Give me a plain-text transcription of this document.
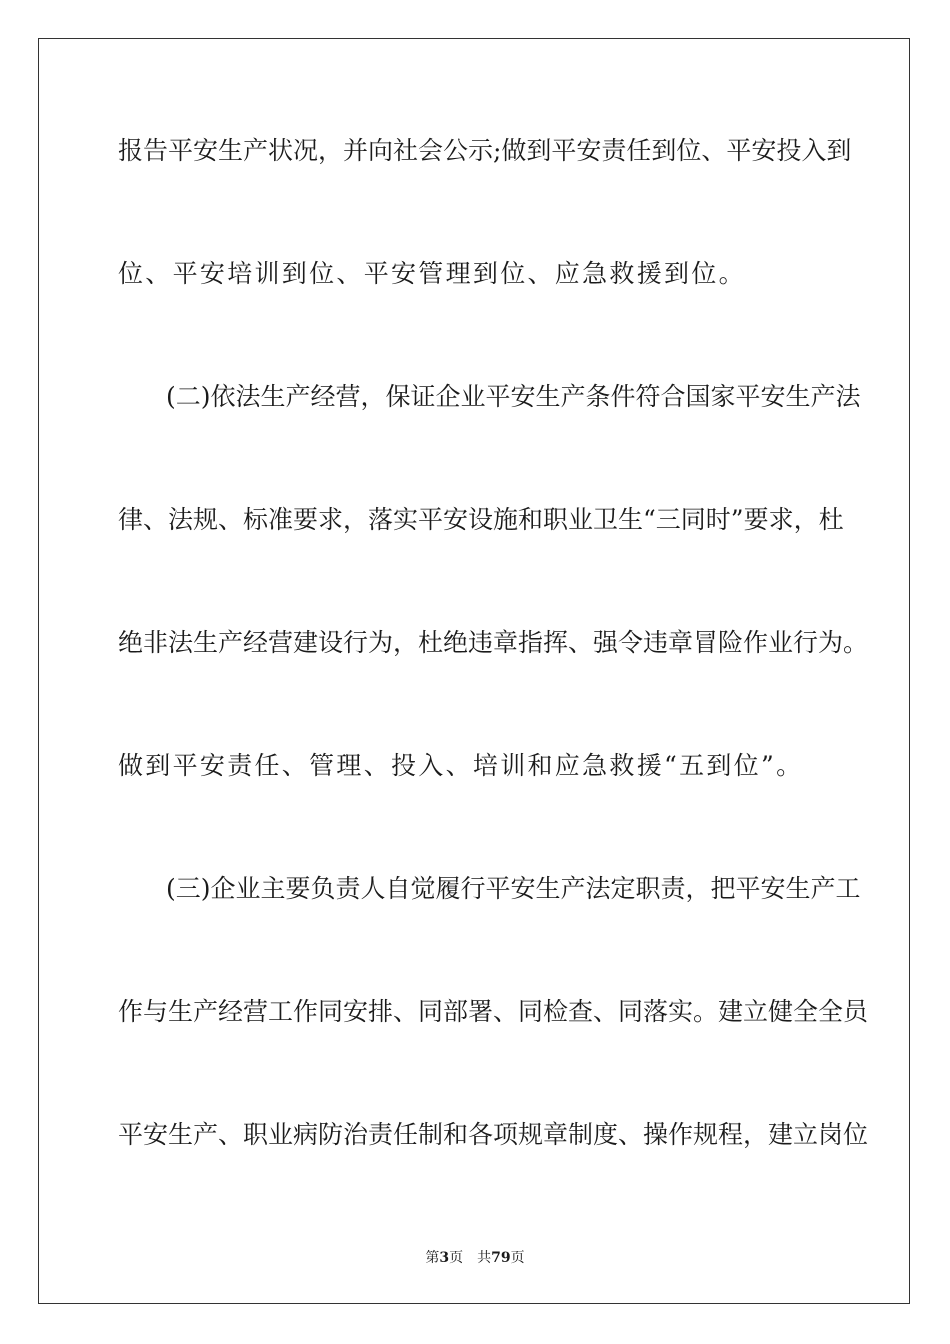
报告平安生产状况，并向社会公示;做到平安责任到位、平安投入到
位、平安培训到位、平安管理到位、应急救援到位。
(二)依法生产经营，保证企业平安生产条件符合国家平安生产法
律、法规、标准要求，落实平安设施和职业卫生“三同时”要求，杜
绝非法生产经营建设行为，杜绝违章指挥、强令违章冒险作业行为。
做到平安责任、管理、投入、培训和应急救援“五到位”。
(三)企业主要负责人自觉履行平安生产法定职责，把平安生产工
作与生产经营工作同安排、同部署、同检查、同落实。建立健全全员
平安生产、职业病防治责任制和各项规章制度、操作规程，建立岗位
第3页 共79页
